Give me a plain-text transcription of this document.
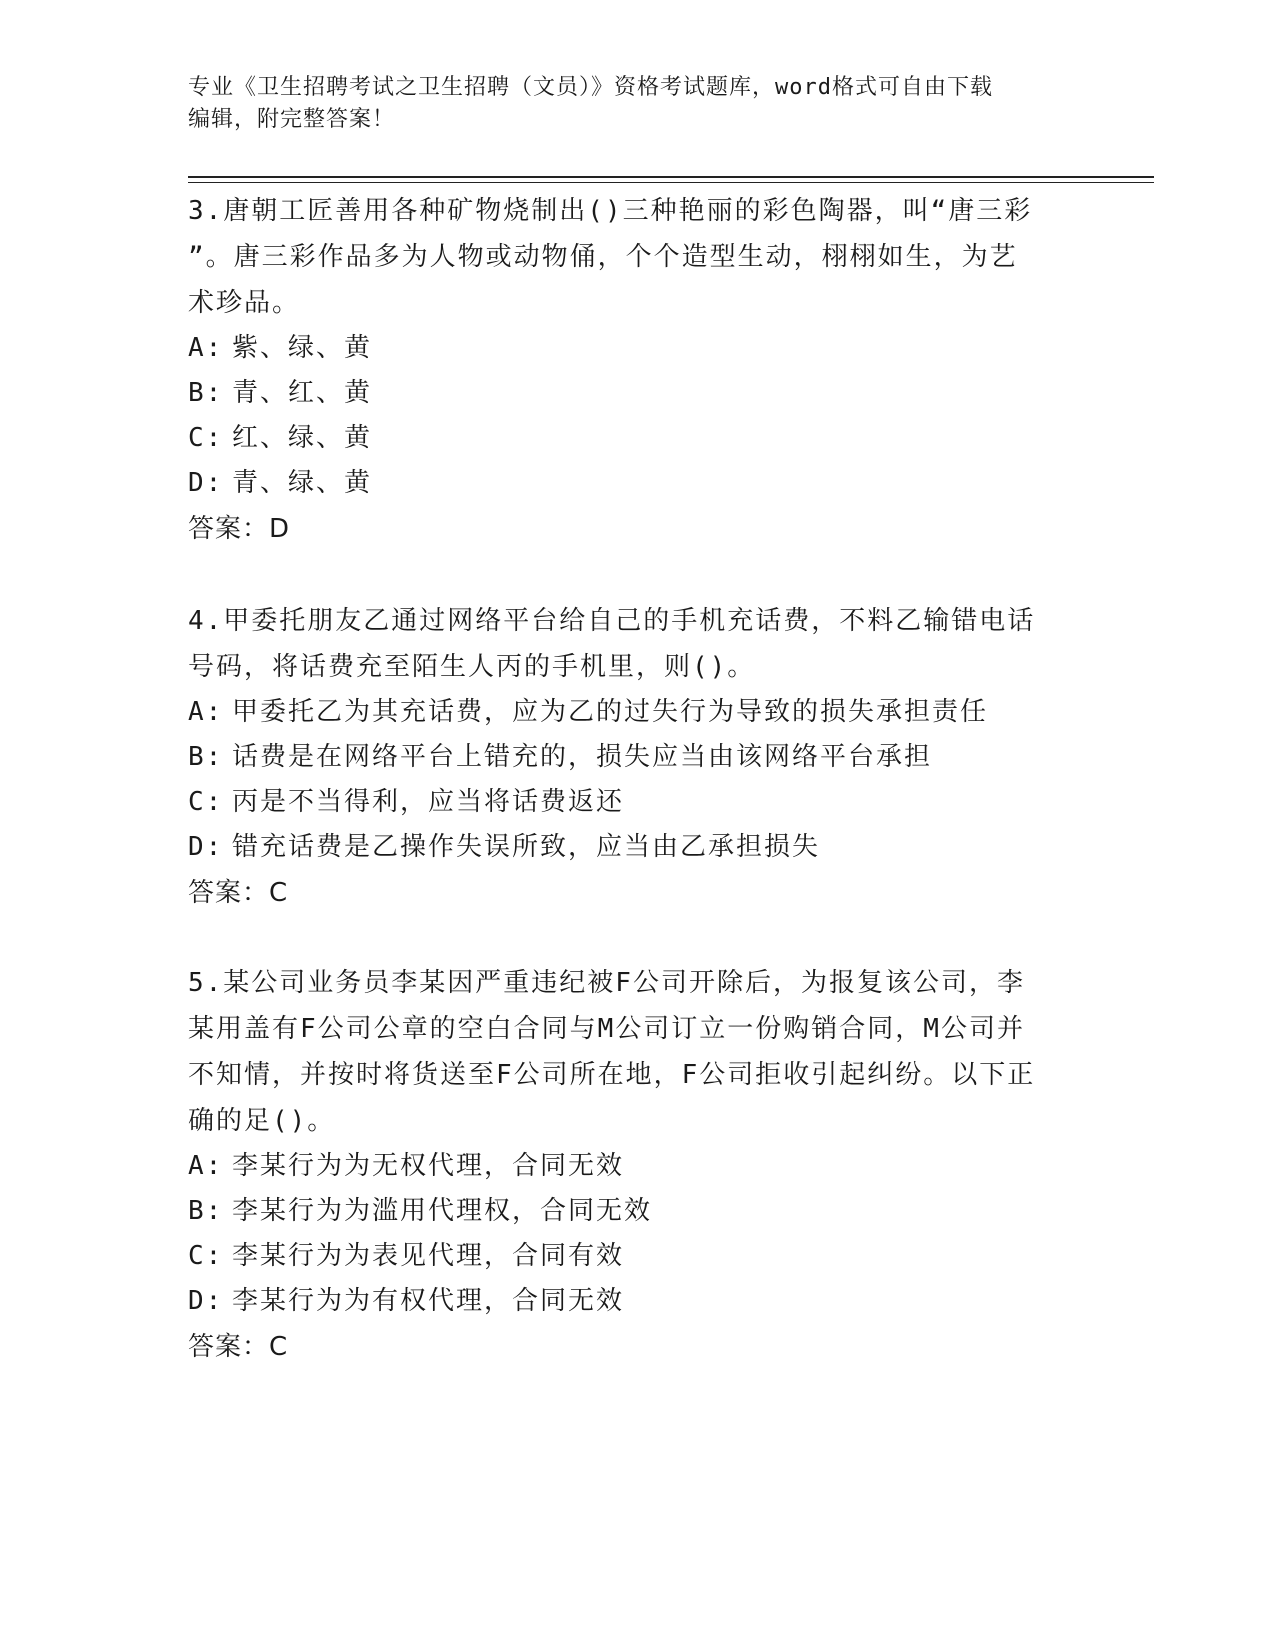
专业《卫生招聘考试之卫生招聘（文员）》资格考试题库，word格式可自由下载
编辑，附完整答案！

3.唐朝工匠善用各种矿物烧制出()三种艳丽的彩色陶器，叫“唐三彩

”。唐三彩作品多为人物或动物俑，个个造型生动，栩栩如生，为艺

术珍品。

A: 紫、绿、黄

B: 青、红、黄

C: 红、绿、黄

D: 青、绿、黄

答案：D

4.甲委托朋友乙通过网络平台给自己的手机充话费，不料乙输错电话

号码，将话费充至陌生人丙的手机里，则()。

A: 甲委托乙为其充话费，应为乙的过失行为导致的损失承担责任

B: 话费是在网络平台上错充的，损失应当由该网络平台承担

C: 丙是不当得利，应当将话费返还

D: 错充话费是乙操作失误所致，应当由乙承担损失

答案：C

5.某公司业务员李某因严重违纪被F公司开除后，为报复该公司，李

某用盖有F公司公章的空白合同与M公司订立一份购销合同，M公司并

不知情，并按时将货送至F公司所在地，F公司拒收引起纠纷。以下正

确的足()。

A: 李某行为为无权代理，合同无效

B: 李某行为为滥用代理权，合同无效

C: 李某行为为表见代理，合同有效

D: 李某行为为有权代理，合同无效

答案：C
